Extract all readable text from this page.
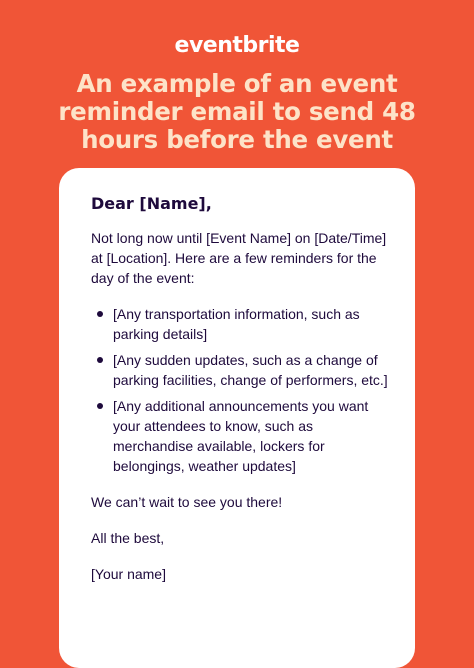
eventbrite
An example of an event reminder email to send 48 hours before the event

Dear [Name],

Not long now until [Event Name] on [Date/Time] at [Location]. Here are a few reminders for the day of the event:

[Any transportation information, such as parking details]
[Any sudden updates, such as a change of parking facilities, change of performers, etc.]
[Any additional announcements you want your attendees to know, such as merchandise available, lockers for belongings, weather updates]

We can’t wait to see you there!

All the best,

[Your name]
